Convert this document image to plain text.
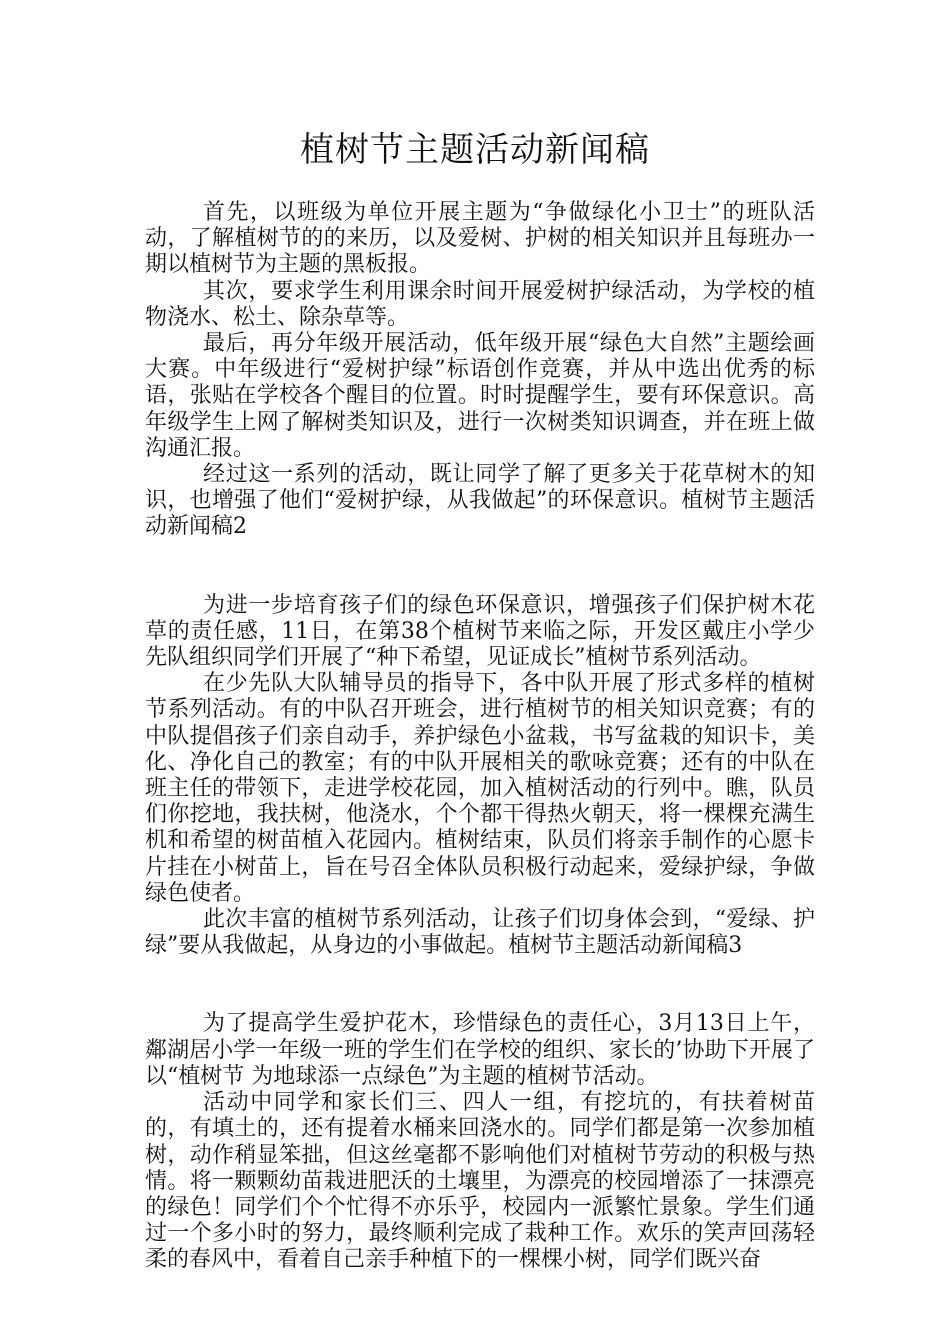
植树节主题活动新闻稿

首先，以班级为单位开展主题为“争做绿化小卫士”的班队活动，了解植树节的的来历，以及爱树、护树的相关知识并且每班办一期以植树节为主题的黑板报。

其次，要求学生利用课余时间开展爱树护绿活动，为学校的植物浇水、松土、除杂草等。

最后，再分年级开展活动，低年级开展“绿色大自然”主题绘画大赛。中年级进行“爱树护绿”标语创作竞赛，并从中选出优秀的标语，张贴在学校各个醒目的位置。时时提醒学生，要有环保意识。高年级学生上网了解树类知识及，进行一次树类知识调查，并在班上做沟通汇报。

经过这一系列的活动，既让同学了解了更多关于花草树木的知识，也增强了他们“爱树护绿，从我做起”的环保意识。植树节主题活动新闻稿2

为进一步培育孩子们的绿色环保意识，增强孩子们保护树木花草的责任感，11日，在第38个植树节来临之际，开发区戴庄小学少先队组织同学们开展了“种下希望，见证成长”植树节系列活动。

在少先队大队辅导员的指导下，各中队开展了形式多样的植树节系列活动。有的中队召开班会，进行植树节的相关知识竞赛；有的中队提倡孩子们亲自动手，养护绿色小盆栽，书写盆栽的知识卡，美化、净化自己的教室；有的中队开展相关的歌咏竞赛；还有的中队在班主任的带领下，走进学校花园，加入植树活动的行列中。瞧，队员们你挖地，我扶树，他浇水，个个都干得热火朝天，将一棵棵充满生机和希望的树苗植入花园内。植树结束，队员们将亲手制作的心愿卡片挂在小树苗上，旨在号召全体队员积极行动起来，爱绿护绿，争做绿色使者。

此次丰富的植树节系列活动，让孩子们切身体会到，“爱绿、护绿”要从我做起，从身边的小事做起。植树节主题活动新闻稿3

为了提高学生爱护花木，珍惜绿色的责任心，3月13日上午，鄰湖居小学一年级一班的学生们在学校的组织、家长的’协助下开展了以“植树节 为地球添一点绿色”为主题的植树节活动。

活动中同学和家长们三、四人一组，有挖坑的，有扶着树苗的，有填土的，还有提着水桶来回浇水的。同学们都是第一次参加植树，动作稍显笨拙，但这丝毫都不影响他们对植树节劳动的积极与热情。将一颗颗幼苗栽进肥沃的土壤里，为漂亮的校园增添了一抹漂亮的绿色！同学们个个忙得不亦乐乎，校园内一派繁忙景象。学生们通过一个多小时的努力，最终顺利完成了栽种工作。欢乐的笑声回荡轻柔的春风中，看着自己亲手种植下的一棵棵小树，同学们既兴奋
